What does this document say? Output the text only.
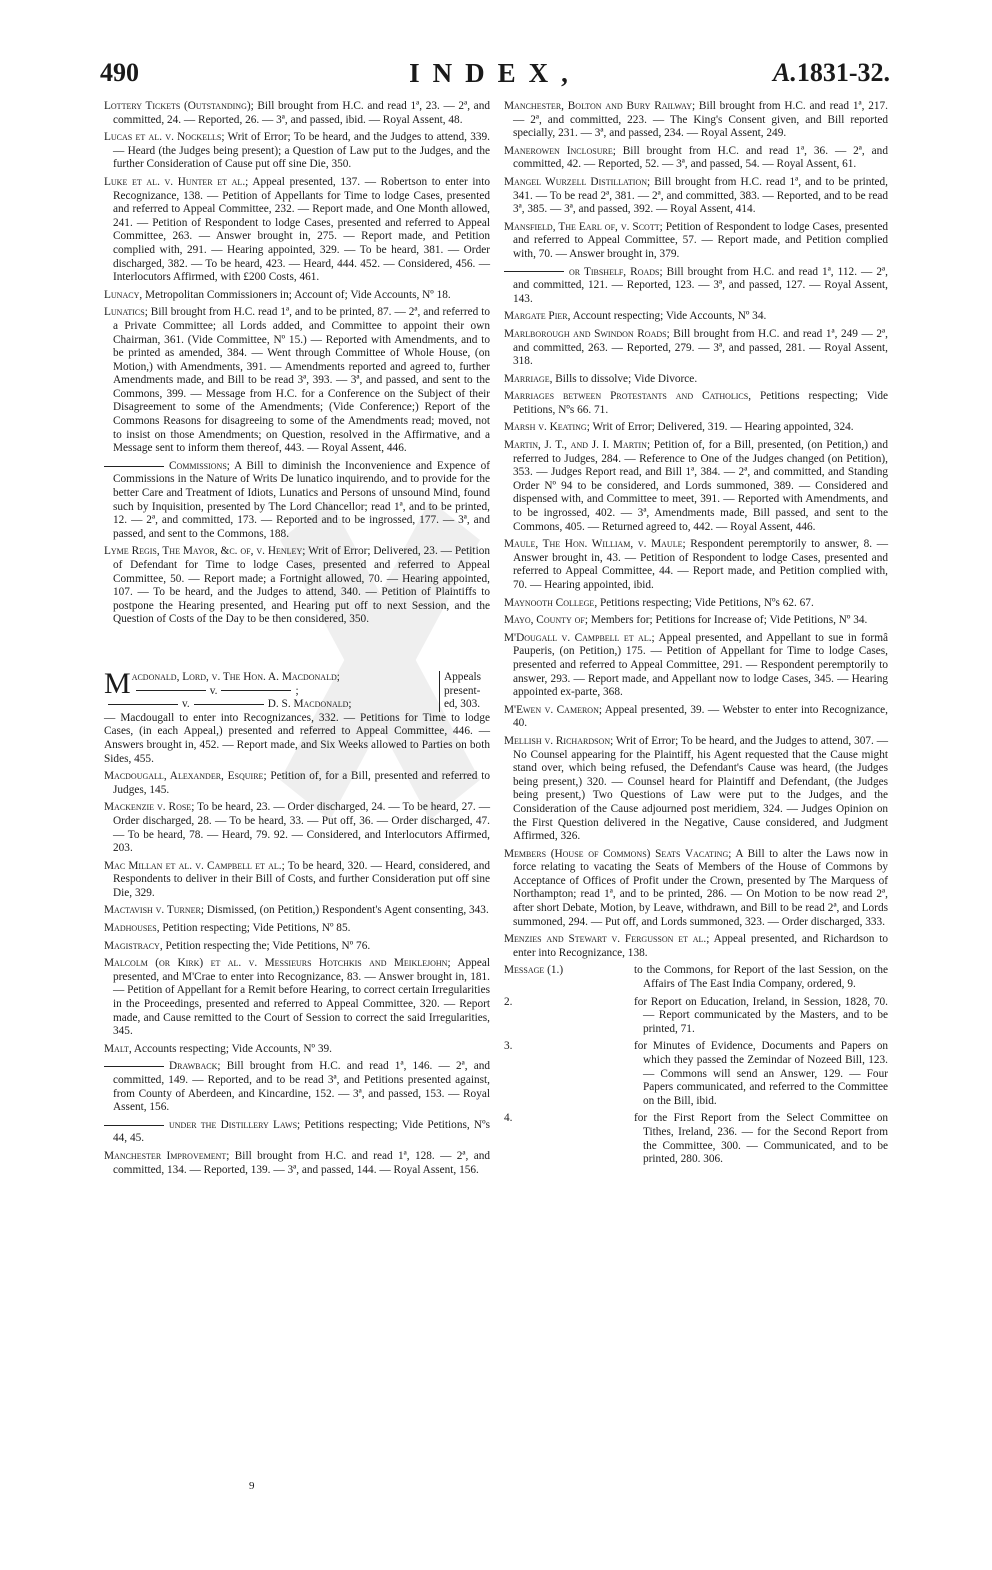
490	INDEX,	A.1831-32.
Lottery Tickets (Outstanding); Bill brought from H.C. and read 1ª, 23. — 2ª, and committed, 24. — Reported, 26. — 3ª, and passed, ibid. — Royal Assent, 48.
Lucas et al. v. Nockells; Writ of Error; To be heard, and the Judges to attend, 339. — Heard (the Judges being present); a Question of Law put to the Judges, and the further Consideration of Cause put off sine Die, 350.
Luke et al. v. Hunter et al.; Appeal presented, 137. — Robertson to enter into Recognizance, 138. — Petition of Appellants for Time to lodge Cases, presented and referred to Appeal Committee, 232. — Report made, and One Month allowed, 241. — Petition of Respondent to lodge Cases, presented and referred to Appeal Committee, 263. — Answer brought in, 275. — Report made, and Petition complied with, 291. — Hearing appointed, 329. — To be heard, 381. — Order discharged, 382. — To be heard, 423. — Heard, 444. 452. — Considered, 456. — Interlocutors Affirmed, with £200 Costs, 461.
Lunacy, Metropolitan Commissioners in; Account of; Vide Accounts, Nº 18.
Lunatics; Bill brought from H.C. read 1ª, and to be printed, 87. — 2ª, and referred to a Private Committee; all Lords added, and Committee to appoint their own Chairman, 361. (Vide Committee, Nº 15.) — Reported with Amendments, and to be printed as amended, 384. — Went through Committee of Whole House, (on Motion,) with Amendments, 391. — Amendments reported and agreed to, further Amendments made, and Bill to be read 3ª, 393. — 3ª, and passed, and sent to the Commons, 399. — Message from H.C. for a Conference on the Subject of their Disagreement to some of the Amendments; (Vide Conference;) Report of the Commons Reasons for disagreeing to some of the Amendments read; moved, not to insist on those Amendments; on Question, resolved in the Affirmative, and a Message sent to inform them thereof, 443. — Royal Assent, 446.
Commissions; A Bill to diminish the Inconvenience and Expence of Commissions in the Nature of Writs De lunatico inquirendo, and to provide for the better Care and Treatment of Idiots, Lunatics and Persons of unsound Mind, found such by Inquisition, presented by The Lord Chancellor; read 1ª, and to be printed, 12. — 2ª, and committed, 173. — Reported and to be ingrossed, 177. — 3ª, and passed, and sent to the Commons, 188.
Lyme Regis, The Mayor, &c. of, v. Henley; Writ of Error; Delivered, 23. — Petition of Defendant for Time to lodge Cases, presented and referred to Appeal Committee, 50. — Report made; a Fortnight allowed, 70. — Hearing appointed, 107. — To be heard, and the Judges to attend, 340. — Petition of Plaintiffs to postpone the Hearing presented, and Hearing put off to next Session, and the Question of Costs of the Day to be then considered, 350.
Appeals present-ed, 303.
M acdonald, Lord, v. The Hon. A. Macdonald;
v.	;
v.	D. S. Macdonald;
— Macdougall to enter into Recognizances, 332. — Petitions for Time to lodge Cases, (in each Appeal,) presented and referred to Appeal Committee, 446. — Answers brought in, 452. — Report made, and Six Weeks allowed to Parties on both Sides, 455.
Macdougall, Alexander, Esquire; Petition of, for a Bill, presented and referred to Judges, 145.
Mackenzie v. Rose; To be heard, 23. — Order discharged, 24. — To be heard, 27. — Order discharged, 28. — To be heard, 33. — Put off, 36. — Order discharged, 47. — To be heard, 78. — Heard, 79. 92. — Considered, and Interlocutors Affirmed, 203.
Mac Millan et al. v. Campbell et al.; To be heard, 320. — Heard, considered, and Respondents to deliver in their Bill of Costs, and further Consideration put off sine Die, 329.
Mactavish v. Turner; Dismissed, (on Petition,) Respondent's Agent consenting, 343.
Madhouses, Petition respecting; Vide Petitions, Nº 85.
Magistracy, Petition respecting the; Vide Petitions, Nº 76.
Malcolm (or Kirk) et al. v. Messieurs Hotchkis and Meiklejohn; Appeal presented, and M'Crae to enter into Recognizance, 83. — Answer brought in, 181. — Petition of Appellant for a Remit before Hearing, to correct certain Irregularities in the Proceedings, presented and referred to Appeal Committee, 320. — Report made, and Cause remitted to the Court of Session to correct the said Irregularities, 345.
Malt, Accounts respecting; Vide Accounts, Nº 39.
Drawback; Bill brought from H.C. and read 1ª, 146. — 2ª, and committed, 149. — Reported, and to be read 3ª, and Petitions presented against, from County of Aberdeen, and Kincardine, 152. — 3ª, and passed, 153. — Royal Assent, 156.
under the Distillery Laws; Petitions respecting; Vide Petitions, Nºs 44, 45.
Manchester Improvement; Bill brought from H.C. and read 1ª, 128. — 2ª, and committed, 134. — Reported, 139. — 3ª, and passed, 144. — Royal Assent, 156.
Manchester, Bolton and Bury Railway; Bill brought from H.C. and read 1ª, 217. — 2ª, and committed, 223. — The King's Consent given, and Bill reported specially, 231. — 3ª, and passed, 234. — Royal Assent, 249.
Manerowen Inclosure; Bill brought from H.C. and read 1ª, 36. — 2ª, and committed, 42. — Reported, 52. — 3ª, and passed, 54. — Royal Assent, 61.
Mangel Wurzell Distillation; Bill brought from H.C. read 1ª, and to be printed, 341. — To be read 2ª, 381. — 2ª, and committed, 383. — Reported, and to be read 3ª, 385. — 3ª, and passed, 392. — Royal Assent, 414.
Mansfield, The Earl of, v. Scott; Petition of Respondent to lodge Cases, presented and referred to Appeal Committee, 57. — Report made, and Petition complied with, 70. — Answer brought in, 379.
or Tibshelf, Roads; Bill brought from H.C. and read 1ª, 112. — 2ª, and committed, 121. — Reported, 123. — 3ª, and passed, 127. — Royal Assent, 143.
Margate Pier, Account respecting; Vide Accounts, Nº 34.
Marlborough and Swindon Roads; Bill brought from H.C. and read 1ª, 249 — 2ª, and committed, 263. — Reported, 279. — 3ª, and passed, 281. — Royal Assent, 318.
Marriage, Bills to dissolve; Vide Divorce.
Marriages between Protestants and Catholics, Petitions respecting; Vide Petitions, Nºs 66. 71.
Marsh v. Keating; Writ of Error; Delivered, 319. — Hearing appointed, 324.
Martin, J. T., and J. I. Martin; Petition of, for a Bill, presented, (on Petition,) and referred to Judges, 284. — Reference to One of the Judges changed (on Petition), 353. — Judges Report read, and Bill 1ª, 384. — 2ª, and committed, and Standing Order Nº 94 to be considered, and Lords summoned, 389. — Considered and dispensed with, and Committee to meet, 391. — Reported with Amendments, and to be ingrossed, 402. — 3ª, Amendments made, Bill passed, and sent to the Commons, 405. — Returned agreed to, 442. — Royal Assent, 446.
Maule, The Hon. William, v. Maule; Respondent peremptorily to answer, 8. — Answer brought in, 43. — Petition of Respondent to lodge Cases, presented and referred to Appeal Committee, 44. — Report made, and Petition complied with, 70. — Hearing appointed, ibid.
Maynooth College, Petitions respecting; Vide Petitions, Nºs 62. 67.
Mayo, County of; Members for; Petitions for Increase of; Vide Petitions, Nº 34.
M'Dougall v. Campbell et al.; Appeal presented, and Appellant to sue in formâ Pauperis, (on Petition,) 175. — Petition of Appellant for Time to lodge Cases, presented and referred to Appeal Committee, 291. — Respondent peremptorily to answer, 293. — Report made, and Appellant now to lodge Cases, 345. — Hearing appointed ex-parte, 368.
M'Ewen v. Cameron; Appeal presented, 39. — Webster to enter into Recognizance, 40.
Mellish v. Richardson; Writ of Error; To be heard, and the Judges to attend, 307. — No Counsel appearing for the Plaintiff, his Agent requested that the Cause might stand over, which being refused, the Defendant's Cause was heard, (the Judges being present,) 320. — Counsel heard for Plaintiff and Defendant, (the Judges being present,) Two Questions of Law were put to the Judges, and the Consideration of the Cause adjourned post meridiem, 324. — Judges Opinion on the First Question delivered in the Negative, Cause considered, and Judgment Affirmed, 326.
Members (House of Commons) Seats Vacating; A Bill to alter the Laws now in force relating to vacating the Seats of Members of the House of Commons by Acceptance of Offices of Profit under the Crown, presented by The Marquess of Northampton; read 1ª, and to be printed, 286. — On Motion to be now read 2ª, after short Debate, Motion, by Leave, withdrawn, and Bill to be read 2ª, and Lords summoned, 294. — Put off, and Lords summoned, 323. — Order discharged, 333.
Menzies and Stewart v. Fergusson et al.; Appeal presented, and Richardson to enter into Recognizance, 138.
Message (1.)	to the Commons, for Report of the last Session, on the Affairs of The East India Company, ordered, 9.
2.	for Report on Education, Ireland, in Session, 1828, 70. — Report communicated by the Masters, and to be printed, 71.
3.	for Minutes of Evidence, Documents and Papers on which they passed the Zemindar of Nozeed Bill, 123. — Commons will send an Answer, 129. — Four Papers communicated, and referred to the Committee on the Bill, ibid.
4.	for the First Report from the Select Committee on Tithes, Ireland, 236. — for the Second Report from the Committee, 300. — Communicated, and to be printed, 280. 306.
9
